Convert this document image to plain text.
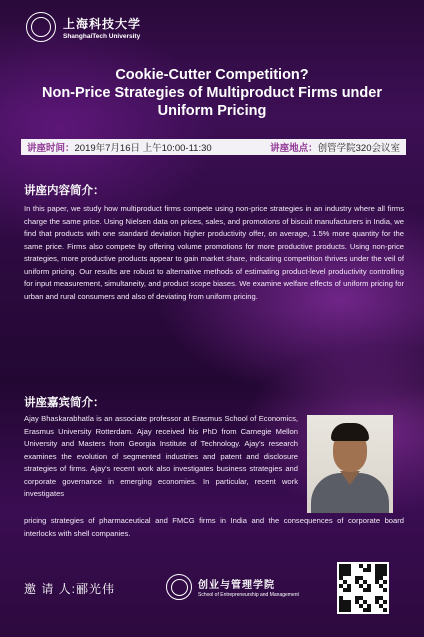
上海科技大学
ShanghaiTech University
Cookie-Cutter Competition?
Non-Price Strategies of Multiproduct Firms under
Uniform Pricing
讲座时间：2019年7月16日 上午10:00-11:30	讲座地点：创管学院320会议室
讲座内容简介：
In this paper, we study how multiproduct firms compete using non-price strategies in an industry where all firms charge the same price. Using Nielsen data on prices, sales, and promotions of biscuit manufacturers in India, we find that products with one standard deviation higher productivity offer, on average, 1.5% more quantity for the same price. Firms also compete by offering volume promotions for more productive products. Using non-price strategies, more productive products appear to gain market share, indicating competition thrives under the veil of uniform pricing. Our results are robust to alternative methods of estimating product-level productivity controlling for input measurement, simultaneity, and product scope biases. We examine welfare effects of uniform pricing for urban and rural consumers and also of deviating from uniform pricing.
讲座嘉宾简介：
Ajay Bhaskarabhatla is an associate professor at Erasmus School of Economics, Erasmus University Rotterdam. Ajay received his PhD from Carnegie Mellon University and Masters from Georgia Institute of Technology. Ajay's research examines the evolution of segmented industries and patent and disclosure strategies of firms. Ajay's recent work also investigates business strategies and corporate governance in emerging economies. In particular, recent work investigates
pricing strategies of pharmaceutical and FMCG firms in India and the consequences of corporate board interlocks with shell companies.
邀 请 人:郦光伟	创业与管理学院
School of Entrepreneurship and Management
